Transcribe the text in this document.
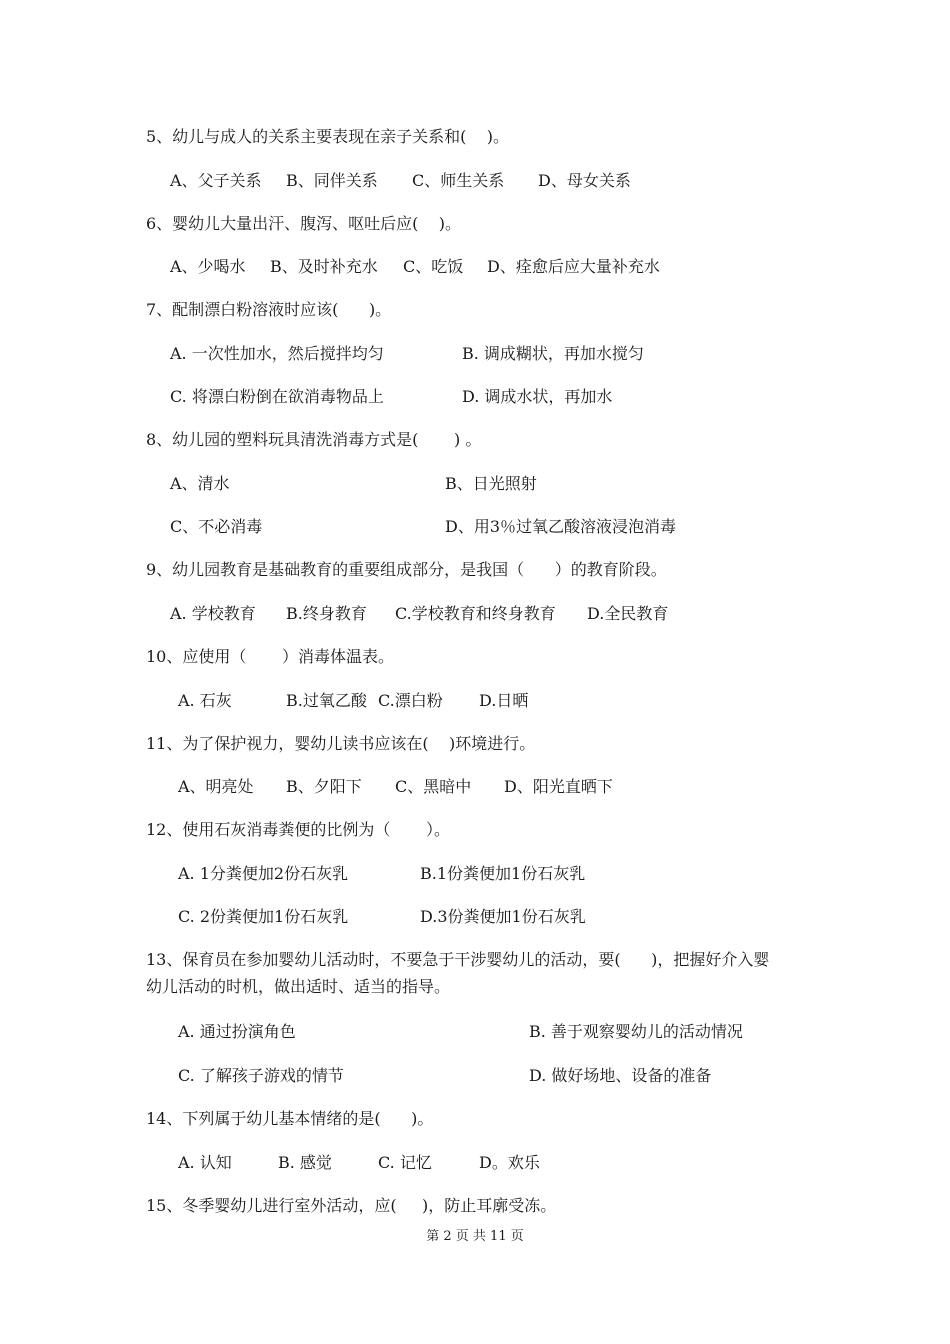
5、幼儿与成人的关系主要表现在亲子关系和(    )。
A、父子关系 B、同伴关系 C、师生关系 D、母女关系
6、婴幼儿大量出汗、腹泻、呕吐后应(    )。
A、少喝水 B、及时补充水 C、吃饭 D、痊愈后应大量补充水
7、配制漂白粉溶液时应该(      )。
A. 一次性加水，然后搅拌均匀	B. 调成糊状，再加水搅匀
C. 将漂白粉倒在欲消毒物品上	D. 调成水状，再加水
8、幼儿园的塑料玩具清洗消毒方式是(       ) 。
A、清水	B、日光照射
C、不必消毒	D、用3％过氧乙酸溶液浸泡消毒
9、幼儿园教育是基础教育的重要组成部分，是我国（      ）的教育阶段。
A. 学校教育 B.终身教育 C.学校教育和终身教育 D.全民教育
10、应使用（       ）消毒体温表。
A. 石灰	B.过氧乙酸 C.漂白粉 D.日晒
11、为了保护视力，婴幼儿读书应该在(    )环境进行。
A、明亮处 B、夕阳下 C、黑暗中 D、阳光直晒下
12、使用石灰消毒粪便的比例为（       ）。
A. 1分粪便加2份石灰乳	B.1份粪便加1份石灰乳
C. 2份粪便加1份石灰乳	D.3份粪便加1份石灰乳
13、保育员在参加婴幼儿活动时，不要急于干涉婴幼儿的活动，要(      )，把握好介入婴
幼儿活动的时机，做出适时、适当的指导。
A. 通过扮演角色	B. 善于观察婴幼儿的活动情况
C. 了解孩子游戏的情节	D. 做好场地、设备的准备
14、下列属于幼儿基本情绪的是(      )。
A. 认知	B. 感觉	C. 记忆	D。欢乐
15、冬季婴幼儿进行室外活动，应(     )，防止耳廓受冻。
第 2 页 共 11 页
